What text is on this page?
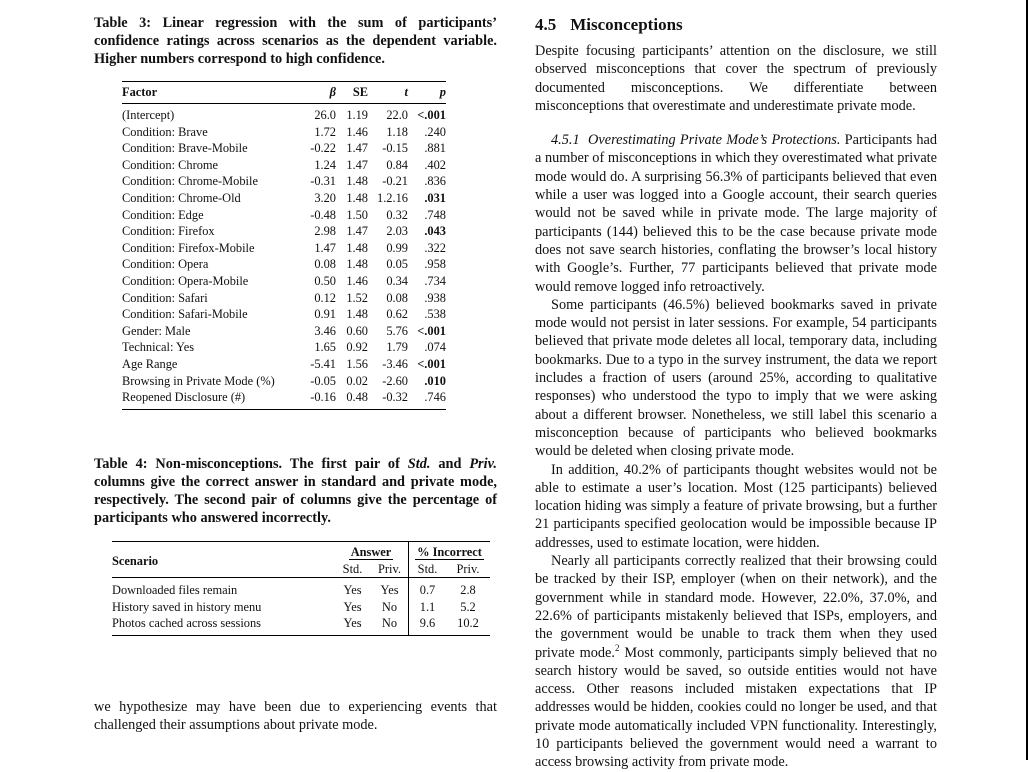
Table 3: Linear regression with the sum of participants’ confidence ratings across scenarios as the dependent variable. Higher numbers correspond to high confidence.

Factor	β	SE	t	p
(Intercept)	26.0	1.19	22.0	<.001
Condition: Brave	1.72	1.46	1.18	.240
Condition: Brave-Mobile	-0.22	1.47	-0.15	.881
Condition: Chrome	1.24	1.47	0.84	.402
Condition: Chrome-Mobile	-0.31	1.48	-0.21	.836
Condition: Chrome-Old	3.20	1.48	1.2.16	.031
Condition: Edge	-0.48	1.50	0.32	.748
Condition: Firefox	2.98	1.47	2.03	.043
Condition: Firefox-Mobile	1.47	1.48	0.99	.322
Condition: Opera	0.08	1.48	0.05	.958
Condition: Opera-Mobile	0.50	1.46	0.34	.734
Condition: Safari	0.12	1.52	0.08	.938
Condition: Safari-Mobile	0.91	1.48	0.62	.538
Gender: Male	3.46	0.60	5.76	<.001
Technical: Yes	1.65	0.92	1.79	.074
Age Range	-5.41	1.56	-3.46	<.001
Browsing in Private Mode (%)	-0.05	0.02	-2.60	.010
Reopened Disclosure (#)	-0.16	0.48	-0.32	.746

Table 4: Non-misconceptions. The first pair of Std. and Priv. columns give the correct answer in standard and private mode, respectively. The second pair of columns give the percentage of participants who answered incorrectly.

	Answer		% Incorrect	
Scenario	Std.	Priv.	Std.	Priv.
Downloaded files remain	Yes	Yes	0.7	2.8
History saved in history menu	Yes	No	1.1	5.2
Photos cached across sessions	Yes	No	9.6	10.2

we hypothesize may have been due to experiencing events that challenged their assumptions about private mode.

4.5 Misconceptions

Despite focusing participants’ attention on the disclosure, we still observed misconceptions that cover the spectrum of previously documented misconceptions. We differentiate between misconceptions that overestimate and underestimate private mode.

4.5.1 Overestimating Private Mode’s Protections. Participants had a number of misconceptions in which they overestimated what private mode would do. A surprising 56.3% of participants believed that even while a user was logged into a Google account, their search queries would not be saved while in private mode. The large majority of participants (144) believed this to be the case because private mode does not save search histories, conflating the browser’s local history with Google’s. Further, 77 participants believed that private mode would remove logged info retroactively.

Some participants (46.5%) believed bookmarks saved in private mode would not persist in later sessions. For example, 54 participants believed that private mode deletes all local, temporary data, including bookmarks. Due to a typo in the survey instrument, the data we report includes a fraction of users (around 25%, according to qualitative responses) who understood the typo to imply that we were asking about a different browser. Nonetheless, we still label this scenario a misconception because of participants who believed bookmarks would be deleted when closing private mode.

In addition, 40.2% of participants thought websites would not be able to estimate a user’s location. Most (125 participants) believed location hiding was simply a feature of private browsing, but a further 21 participants specified geolocation would be impossible because IP addresses, used to estimate location, were hidden.

Nearly all participants correctly realized that their browsing could be tracked by their ISP, employer (when on their network), and the government while in standard mode. However, 22.0%, 37.0%, and 22.6% of participants mistakenly believed that ISPs, employers, and the government would be unable to track them when they used private mode.$^2$ Most commonly, participants simply believed that no search history would be saved, so outside entities would not have access. Other reasons included mistaken expectations that IP addresses would be hidden, cookies could no longer be used, and that private mode automatically included VPN functionality. Interestingly, 10 participants believed the government would need a warrant to access browsing activity from private mode.
